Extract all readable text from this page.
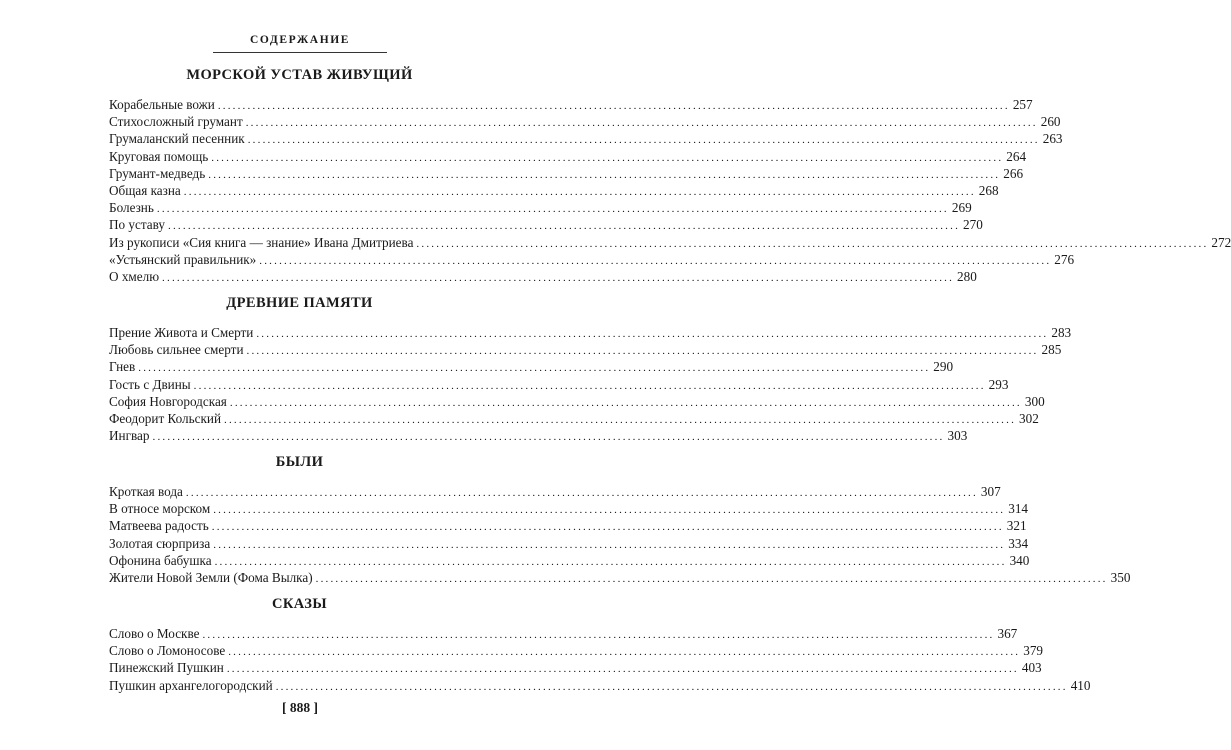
СОДЕРЖАНИЕ
МОРСКОЙ УСТАВ ЖИВУЩИЙ
Корабельные вожи ................................................................................................................................................................ 257
Стихосложный грумант ................................................................................................................................................................ 260
Грумаланский песенник ................................................................................................................................................................ 263
Круговая помощь ................................................................................................................................................................ 264
Грумант-медведь ................................................................................................................................................................ 266
Общая казна ................................................................................................................................................................ 268
Болезнь ................................................................................................................................................................ 269
По уставу ................................................................................................................................................................ 270
Из рукописи «Сия книга — знание» Ивана Дмитриева ................................................................................................................................................................ 272
«Устьянский правильник» ................................................................................................................................................................ 276
О хмелю ................................................................................................................................................................ 280
ДРЕВНИЕ ПАМЯТИ
Прение Живота и Смерти ................................................................................................................................................................ 283
Любовь сильнее смерти ................................................................................................................................................................ 285
Гнев ................................................................................................................................................................ 290
Гость с Двины ................................................................................................................................................................ 293
София Новгородская ................................................................................................................................................................ 300
Феодорит Кольский ................................................................................................................................................................ 302
Ингвар ................................................................................................................................................................ 303
БЫЛИ
Кроткая вода ................................................................................................................................................................ 307
В относе морском ................................................................................................................................................................ 314
Матвеева радость ................................................................................................................................................................ 321
Золотая сюрприза ................................................................................................................................................................ 334
Офонина бабушка ................................................................................................................................................................ 340
Жители Новой Земли (Фома Вылка) ................................................................................................................................................................ 350
СКАЗЫ
Слово о Москве ................................................................................................................................................................ 367
Слово о Ломоносове ................................................................................................................................................................ 379
Пинежский Пушкин ................................................................................................................................................................ 403
Пушкин архангелогородский ................................................................................................................................................................ 410
[ 888 ]
